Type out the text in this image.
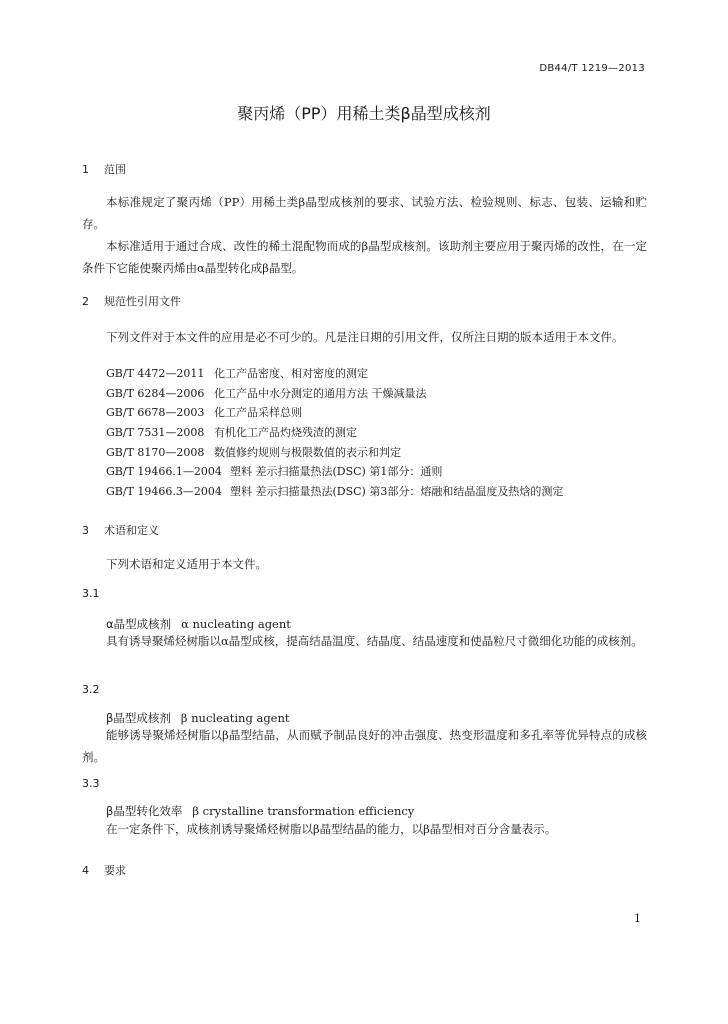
DB44/T 1219—2013
聚丙烯（PP）用稀土类β晶型成核剂
1 范围
本标准规定了聚丙烯（PP）用稀土类β晶型成核剂的要求、试验方法、检验规则、标志、包装、运输和贮存。
本标准适用于通过合成、改性的稀土混配物而成的β晶型成核剂。该助剂主要应用于聚丙烯的改性，在一定条件下它能使聚丙烯由α晶型转化成β晶型。
2 规范性引用文件
下列文件对于本文件的应用是必不可少的。凡是注日期的引用文件，仅所注日期的版本适用于本文件。
GB/T 4472—2011 化工产品密度、相对密度的测定
GB/T 6284—2006 化工产品中水分测定的通用方法 干燥减量法
GB/T 6678—2003 化工产品采样总则
GB/T 7531—2008 有机化工产品灼烧残渣的测定
GB/T 8170—2008 数值修约规则与极限数值的表示和判定
GB/T 19466.1—2004 塑料 差示扫描量热法(DSC) 第1部分：通则
GB/T 19466.3—2004 塑料 差示扫描量热法(DSC) 第3部分：熔融和结晶温度及热焓的测定
3 术语和定义
下列术语和定义适用于本文件。
3.1
α晶型成核剂 α nucleating agent
具有诱导聚烯烃树脂以α晶型成核，提高结晶温度、结晶度、结晶速度和使晶粒尺寸微细化功能的成核剂。
3.2
β晶型成核剂 β nucleating agent
能够诱导聚烯烃树脂以β晶型结晶，从而赋予制品良好的冲击强度、热变形温度和多孔率等优异特点的成核剂。
3.3
β晶型转化效率 β crystalline transformation efficiency
在一定条件下，成核剂诱导聚烯烃树脂以β晶型结晶的能力，以β晶型相对百分含量表示。
4 要求
1
